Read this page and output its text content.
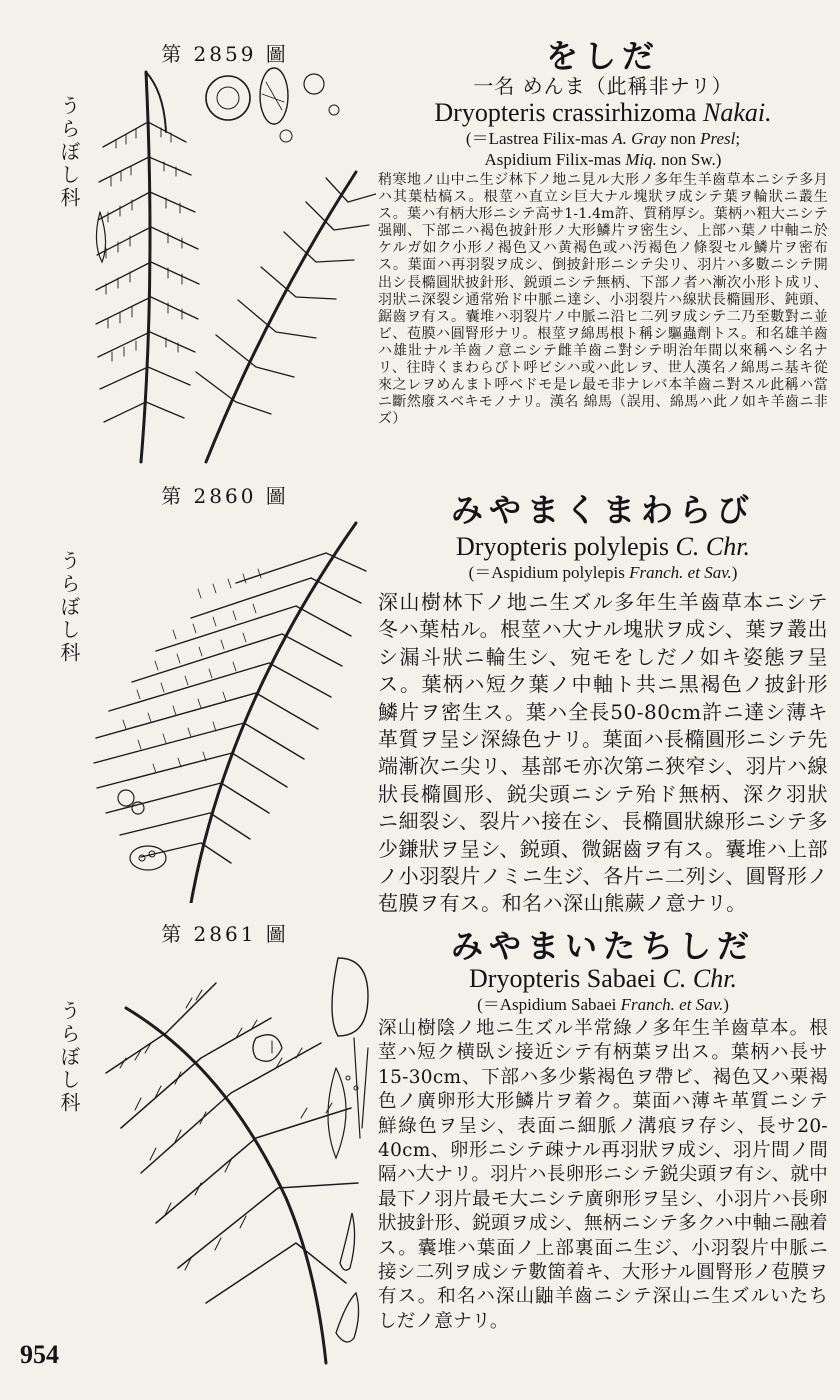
第 2859 圖
うらぼし科
をしだ
一名 めんま（此稱非ナリ）
Dryopteris crassirhizoma Nakai.
(＝Lastrea Filix-mas A. Gray non Presl;
Aspidium Filix-mas Miq. non Sw.)
稍寒地ノ山中ニ生ジ林下ノ地ニ見ル大形ノ多年生羊齒草本ニシテ多月ハ其葉枯槁ス。根莖ハ直立シ巨大ナル塊狀ヲ成シテ葉ヲ輪狀ニ叢生ス。葉ハ有柄大形ニシテ高サ1-1.4m許、質稍厚シ。葉柄ハ粗大ニシテ强剛、下部ニハ褐色披針形ノ大形鱗片ヲ密生シ、上部ハ葉ノ中軸ニ於ケルガ如ク小形ノ褐色又ハ黄褐色或ハ汚褐色ノ條裂セル鱗片ヲ密布ス。葉面ハ再羽裂ヲ成シ、倒披針形ニシテ尖リ、羽片ハ多數ニシテ開出シ長橢圓狀披針形、鋭頭ニシテ無柄、下部ノ者ハ漸次小形ト成リ、羽狀ニ深裂シ通常殆ド中脈ニ達シ、小羽裂片ハ線狀長橢圓形、鈍頭、鋸齒ヲ有ス。囊堆ハ羽裂片ノ中脈ニ沿ヒ二列ヲ成シテ二乃至數對ニ並ビ、苞膜ハ圓腎形ナリ。根莖ヲ綿馬根ト稱シ驅蟲劑トス。和名雄羊齒ハ雄壯ナル羊齒ノ意ニシテ雌羊齒ニ對シテ明治年間以來稱ヘシ名ナリ、往時くまわらびト呼ビシハ或ハ此レヲ、世人漢名ノ綿馬ニ基キ從來之レヲめんまト呼ベドモ是レ最モ非ナレバ本羊齒ニ對スル此稱ハ當ニ斷然廢スベキモノナリ。漢名 綿馬（誤用、綿馬ハ此ノ如キ羊齒ニ非ズ）
第 2860 圖
うらぼし科
みやまくまわらび
Dryopteris polylepis C. Chr.
(＝Aspidium polylepis Franch. et Sav.)
深山樹林下ノ地ニ生ズル多年生羊齒草本ニシテ冬ハ葉枯ル。根莖ハ大ナル塊狀ヲ成シ、葉ヲ叢出シ漏斗狀ニ輪生シ、宛モをしだノ如キ姿態ヲ呈ス。葉柄ハ短ク葉ノ中軸ト共ニ黒褐色ノ披針形鱗片ヲ密生ス。葉ハ全長50-80cm許ニ達シ薄キ革質ヲ呈シ深綠色ナリ。葉面ハ長橢圓形ニシテ先端漸次ニ尖リ、基部モ亦次第ニ狹窄シ、羽片ハ線狀長橢圓形、鋭尖頭ニシテ殆ド無柄、深ク羽狀ニ細裂シ、裂片ハ接在シ、長橢圓狀線形ニシテ多少鎌狀ヲ呈シ、鋭頭、微鋸齒ヲ有ス。囊堆ハ上部ノ小羽裂片ノミニ生ジ、各片ニ二列シ、圓腎形ノ苞膜ヲ有ス。和名ハ深山熊蕨ノ意ナリ。
第 2861 圖
うらぼし科
みやまいたちしだ
Dryopteris Sabaei C. Chr.
(＝Aspidium Sabaei Franch. et Sav.)
深山樹陰ノ地ニ生ズル半常綠ノ多年生羊齒草本。根莖ハ短ク横臥シ接近シテ有柄葉ヲ出ス。葉柄ハ長サ15-30cm、下部ハ多少紫褐色ヲ帶ビ、褐色又ハ栗褐色ノ廣卵形大形鱗片ヲ着ク。葉面ハ薄キ革質ニシテ鮮綠色ヲ呈シ、表面ニ細脈ノ溝痕ヲ存シ、長サ20-40cm、卵形ニシテ疎ナル再羽狀ヲ成シ、羽片間ノ間隔ハ大ナリ。羽片ハ長卵形ニシテ鋭尖頭ヲ有シ、就中最下ノ羽片最モ大ニシテ廣卵形ヲ呈シ、小羽片ハ長卵狀披針形、鋭頭ヲ成シ、無柄ニシテ多クハ中軸ニ融着ス。囊堆ハ葉面ノ上部裏面ニ生ジ、小羽裂片中脈ニ接シ二列ヲ成シテ數箇着キ、大形ナル圓腎形ノ苞膜ヲ有ス。和名ハ深山鼬羊齒ニシテ深山ニ生ズルいたちしだノ意ナリ。
954
